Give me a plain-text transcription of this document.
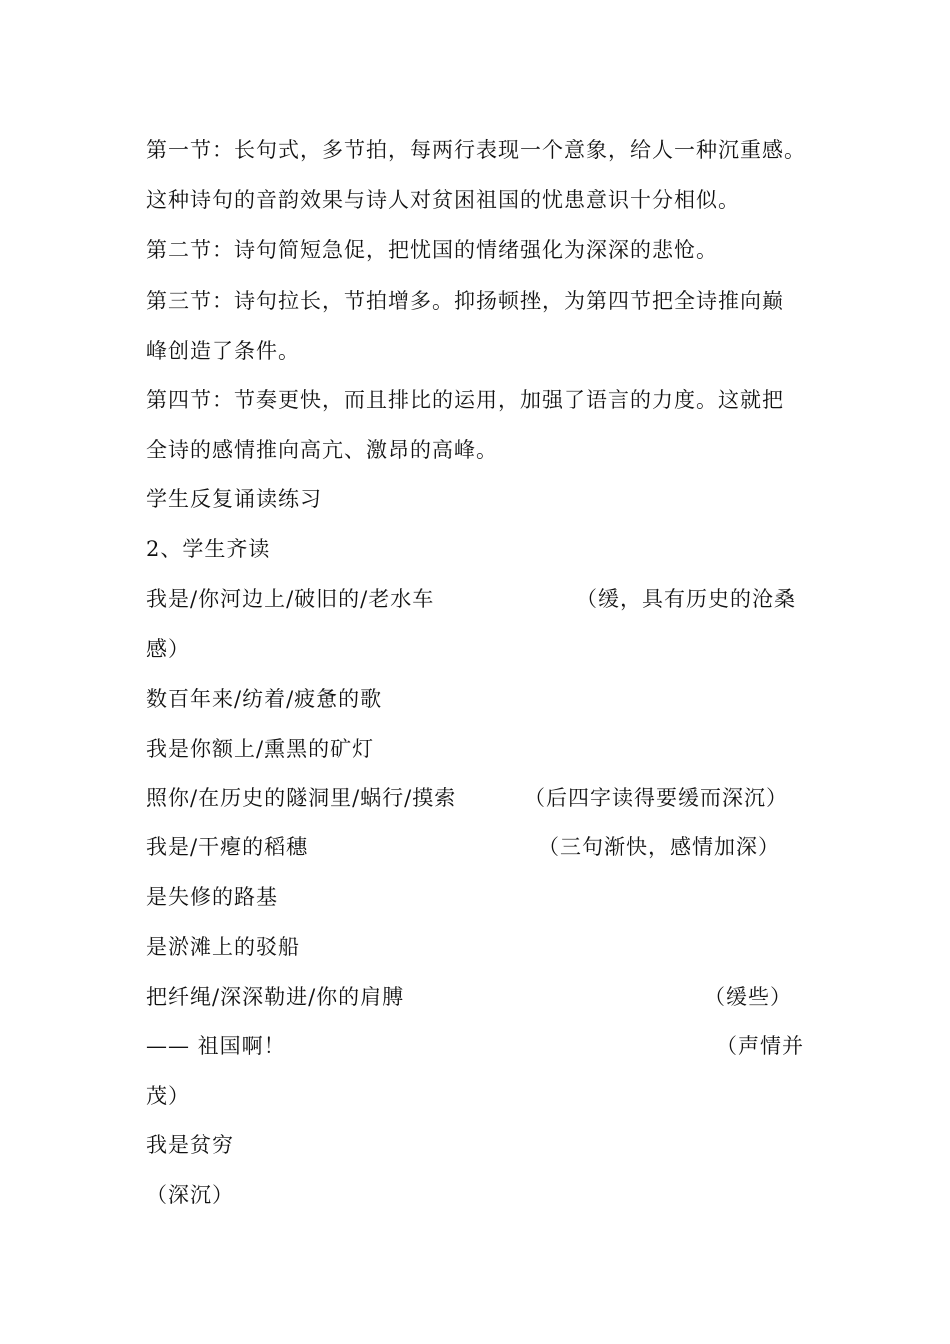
第一节：长句式，多节拍，每两行表现一个意象，给人一种沉重感。
这种诗句的音韵效果与诗人对贫困祖国的忧患意识十分相似。
第二节：诗句简短急促，把忧国的情绪强化为深深的悲怆。
第三节：诗句拉长，节拍增多。抑扬顿挫，为第四节把全诗推向巅
峰创造了条件。
第四节：节奏更快，而且排比的运用，加强了语言的力度。这就把
全诗的感情推向高亢、激昂的高峰。
学生反复诵读练习
2、学生齐读
我是/你河边上/破旧的/老水车	（缓，具有历史的沧桑
感）
数百年来/纺着/疲惫的歌
我是你额上/熏黑的矿灯
照你/在历史的隧洞里/蜗行/摸索	（后四字读得要缓而深沉）
我是/干瘪的稻穗	（三句渐快，感情加深）
是失修的路基
是淤滩上的驳船
把纤绳/深深勒进/你的肩膊	（缓些）
—— 祖国啊！	（声情并
茂）
我是贫穷
（深沉）
